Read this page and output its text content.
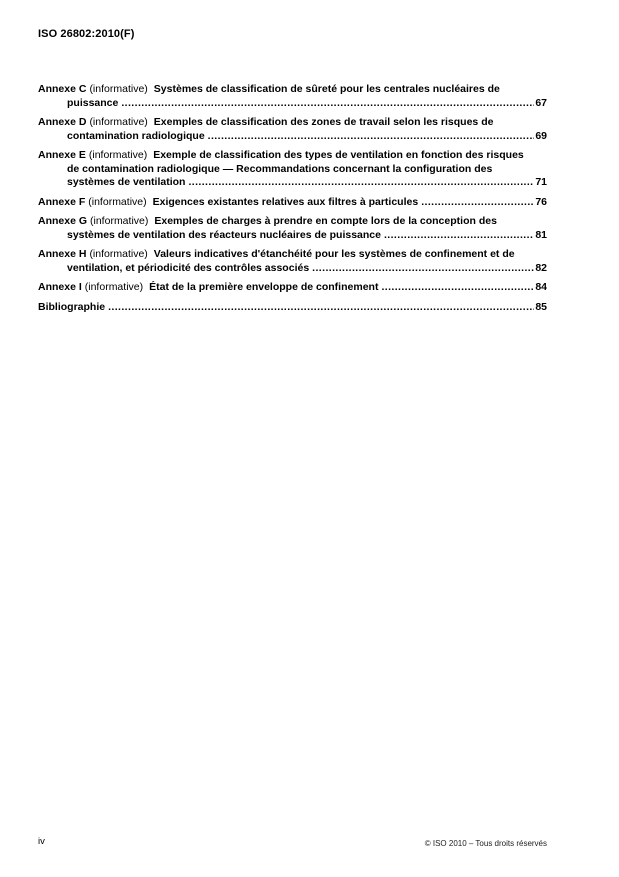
ISO 26802:2010(F)
Annexe C (informative) Systèmes de classification de sûreté pour les centrales nucléaires de
puissance .....	67
Annexe D (informative) Exemples de classification des zones de travail selon les risques de
contamination radiologique .....	69
Annexe E (informative) Exemple de classification des types de ventilation en fonction des risques
de contamination radiologique — Recommandations concernant la configuration des
systèmes de ventilation .....	71
Annexe F (informative) Exigences existantes relatives aux filtres à particules .....	76
Annexe G (informative) Exemples de charges à prendre en compte lors de la conception des
systèmes de ventilation des réacteurs nucléaires de puissance .....	81
Annexe H (informative) Valeurs indicatives d'étanchéité pour les systèmes de confinement et de
ventilation, et périodicité des contrôles associés .....	82
Annexe I (informative) État de la première enveloppe de confinement .....	84
Bibliographie .....	85
iv	© ISO 2010 – Tous droits réservés
